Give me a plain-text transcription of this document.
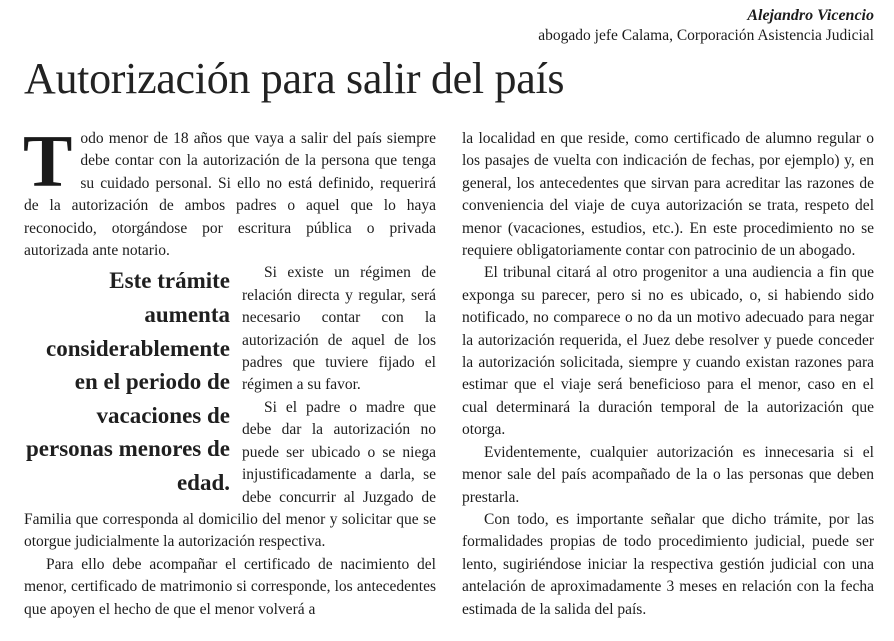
Alejandro Vicencio
abogado jefe Calama, Corporación Asistencia Judicial
Autorización para salir del país

Todo menor de 18 años que vaya a salir del país siempre debe contar con la autorización de la persona que tenga su cuidado personal. Si ello no está definido, requerirá de la autorización de ambos padres o aquel que lo haya reconocido, otorgándose por escritura pública o privada autorizada ante notario.

Este trámite aumenta considerablemente en el periodo de vacaciones de personas menores de edad.
Si existe un régimen de relación directa y regular, será necesario contar con la autorización de aquel de los padres que tuviere fijado el régimen a su favor.

Si el padre o madre que debe dar la autorización no puede ser ubicado o se niega injustificadamente a darla, se debe concurrir al Juzgado de Familia que corresponda al domicilio del menor y solicitar que se otorgue judicialmente la autorización respectiva.

Para ello debe acompañar el certificado de nacimiento del menor, certificado de matrimonio si corresponde, los antecedentes que apoyen el hecho de que el menor volverá a

la localidad en que reside, como certificado de alumno regular o los pasajes de vuelta con indicación de fechas, por ejemplo) y, en general, los antecedentes que sirvan para acreditar las razones de conveniencia del viaje de cuya autorización se trata, respeto del menor (vacaciones, estudios, etc.). En este procedimiento no se requiere obligatoriamente contar con patrocinio de un abogado.

El tribunal citará al otro progenitor a una audiencia a fin que exponga su parecer, pero si no es ubicado, o, si habiendo sido notificado, no comparece o no da un motivo adecuado para negar la autorización requerida, el Juez debe resolver y puede conceder la autorización solicitada, siempre y cuando existan razones para estimar que el viaje será beneficioso para el menor, caso en el cual determinará la duración temporal de la autorización que otorga.

Evidentemente, cualquier autorización es innecesaria si el menor sale del país acompañado de la o las personas que deben prestarla.

Con todo, es importante señalar que dicho trámite, por las formalidades propias de todo procedimiento judicial, puede ser lento, sugiriéndose iniciar la respectiva gestión judicial con una antelación de aproximadamente 3 meses en relación con la fecha estimada de la salida del país.
